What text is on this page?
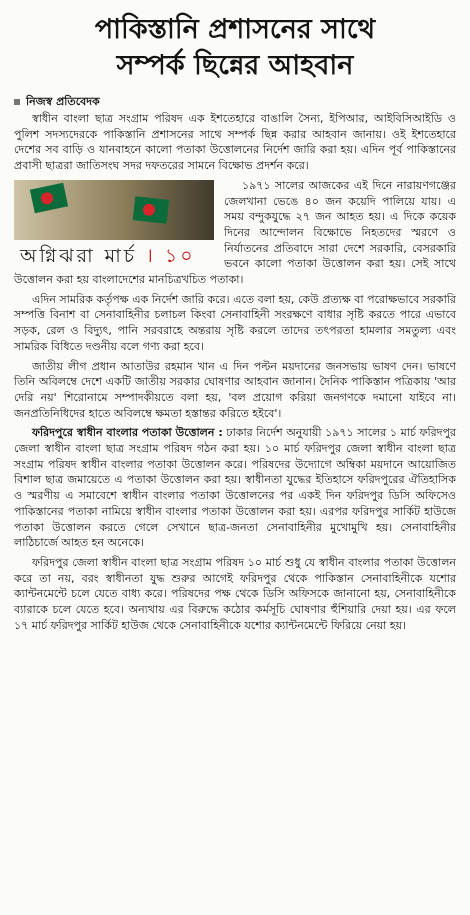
পাকিস্তানি প্রশাসনের সাথে
সম্পর্ক ছিন্নের আহবান
নিজস্ব প্রতিবেদক

স্বাধীন বাংলা ছাত্র সংগ্রাম পরিষদ এক ইশতেহারে বাঙালি সৈন্য, ইপিআর, আইবিসিআইডি ও পুলিশ সদস্যদেরকে পাকিস্তানি প্রশাসনের সাথে সম্পর্ক ছিন্ন করার আহবান জানায়। ওই ইশতেহারে দেশের সব বাড়ি ও যানবাহনে কালো পতাকা উত্তোলনের নির্দেশ জারি করা হয়। এদিন পূর্ব পাকিস্তানের প্রবাসী ছাত্ররা জাতিসংঘ সদর দফতরের সামনে বিক্ষোভ প্রদর্শন করে।

অগ্নিঝরা মার্চ । ১০

১৯৭১ সালের আজকের এই দিনে নারায়ণগঞ্জের জেলখানা ভেঙে ৪০ জন কয়েদি পালিয়ে যায়। এ সময় বন্দুকযুদ্ধে ২৭ জন আহত হয়। এ দিকে কয়েক দিনের আন্দোলন বিক্ষোভে নিহতদের স্মরণে ও নির্যাতনের প্রতিবাদে সারা দেশে সরকারি, বেসরকারি ভবনে কালো পতাকা উত্তোলন করা হয়। সেই সাথে উত্তোলন করা হয় বাংলাদেশের মানচিত্রখচিত পতাকা।

এদিন সামরিক কর্তৃপক্ষ এক নির্দেশ জারি করে। এতে বলা হয়, কেউ প্রত্যক্ষ বা পরোক্ষভাবে সরকারি সম্পত্তি বিনাশ বা সেনাবাহিনীর চলাচল কিংবা সেনাবাহিনী সংরক্ষণে বাধার সৃষ্টি করতে পারে এভাবে সড়ক, রেল ও বিদ্যুৎ, পানি সরবরাহে অন্তরায় সৃষ্টি করলে তাদের তৎপরতা হামলার সমতুল্য এবং সামরিক বিধিতে দণ্ডনীয় বলে গণ্য করা হবে।

জাতীয় লীগ প্রধান আতাউর রহমান খান এ দিন পল্টন ময়দানের জনসভায় ভাষণ দেন। ভাষণে তিনি অবিলম্বে দেশে একটি জাতীয় সরকার ঘোষণার আহবান জানান। দৈনিক পাকিস্তান পত্রিকায় 'আর দেরি নয়' শিরোনামে সম্পাদকীয়তে বলা হয়, 'বল প্রয়োগ করিয়া জনগণকে দমানো যাইবে না। জনপ্রতিনিধিদের হাতে অবিলম্বে ক্ষমতা হস্তান্তর করিতে হইবে'।

ফরিদপুরে স্বাধীন বাংলার পতাকা উত্তোলন : ঢাকার নির্দেশ অনুযায়ী ১৯৭১ সালের ১ মার্চ ফরিদপুর জেলা স্বাধীন বাংলা ছাত্র সংগ্রাম পরিষদ গঠন করা হয়। ১০ মার্চ ফরিদপুর জেলা স্বাধীন বাংলা ছাত্র সংগ্রাম পরিষদ স্বাধীন বাংলার পতাকা উত্তোলন করে। পরিষদের উদ্যোগে অম্বিকা ময়দানে আয়োজিত বিশাল ছাত্র জমায়েতে এ পতাকা উত্তোলন করা হয়। স্বাধীনতা যুদ্ধের ইতিহাসে ফরিদপুরের ঐতিহাসিক ও স্মরণীয় এ সমাবেশে স্বাধীন বাংলার পতাকা উত্তোলনের পর একই দিন ফরিদপুর ডিসি অফিসেও পাকিস্তানের পতাকা নামিয়ে স্বাধীন বাংলার পতাকা উত্তোলন করা হয়। এরপর ফরিদপুর সার্কিট হাউজে পতাকা উত্তোলন করতে গেলে সেখানে ছাত্র-জনতা সেনাবাহিনীর মুখোমুখি হয়। সেনাবাহিনীর লাঠিচার্জে আহত হন অনেকে।

ফরিদপুর জেলা স্বাধীন বাংলা ছাত্র সংগ্রাম পরিষদ ১০ মার্চ শুধু যে স্বাধীন বাংলার পতাকা উত্তোলন করে তা নয়, বরং স্বাধীনতা যুদ্ধ শুরুর আগেই ফরিদপুর থেকে পাকিস্তান সেনাবাহিনীকে যশোর ক্যান্টনমেন্টে চলে যেতে বাধ্য করে। পরিষদের পক্ষ থেকে ডিসি অফিসকে জানানো হয়, সেনাবাহিনীকে ব্যারাকে চলে যেতে হবে। অন্যথায় এর বিরুদ্ধে কঠোর কর্মসূচি ঘোষণার হুঁশিয়ারি দেয়া হয়। এর ফলে ১৭ মার্চ ফরিদপুর সার্কিট হাউজ থেকে সেনাবাহিনীকে যশোর ক্যান্টনমেন্টে ফিরিয়ে নেয়া হয়।
